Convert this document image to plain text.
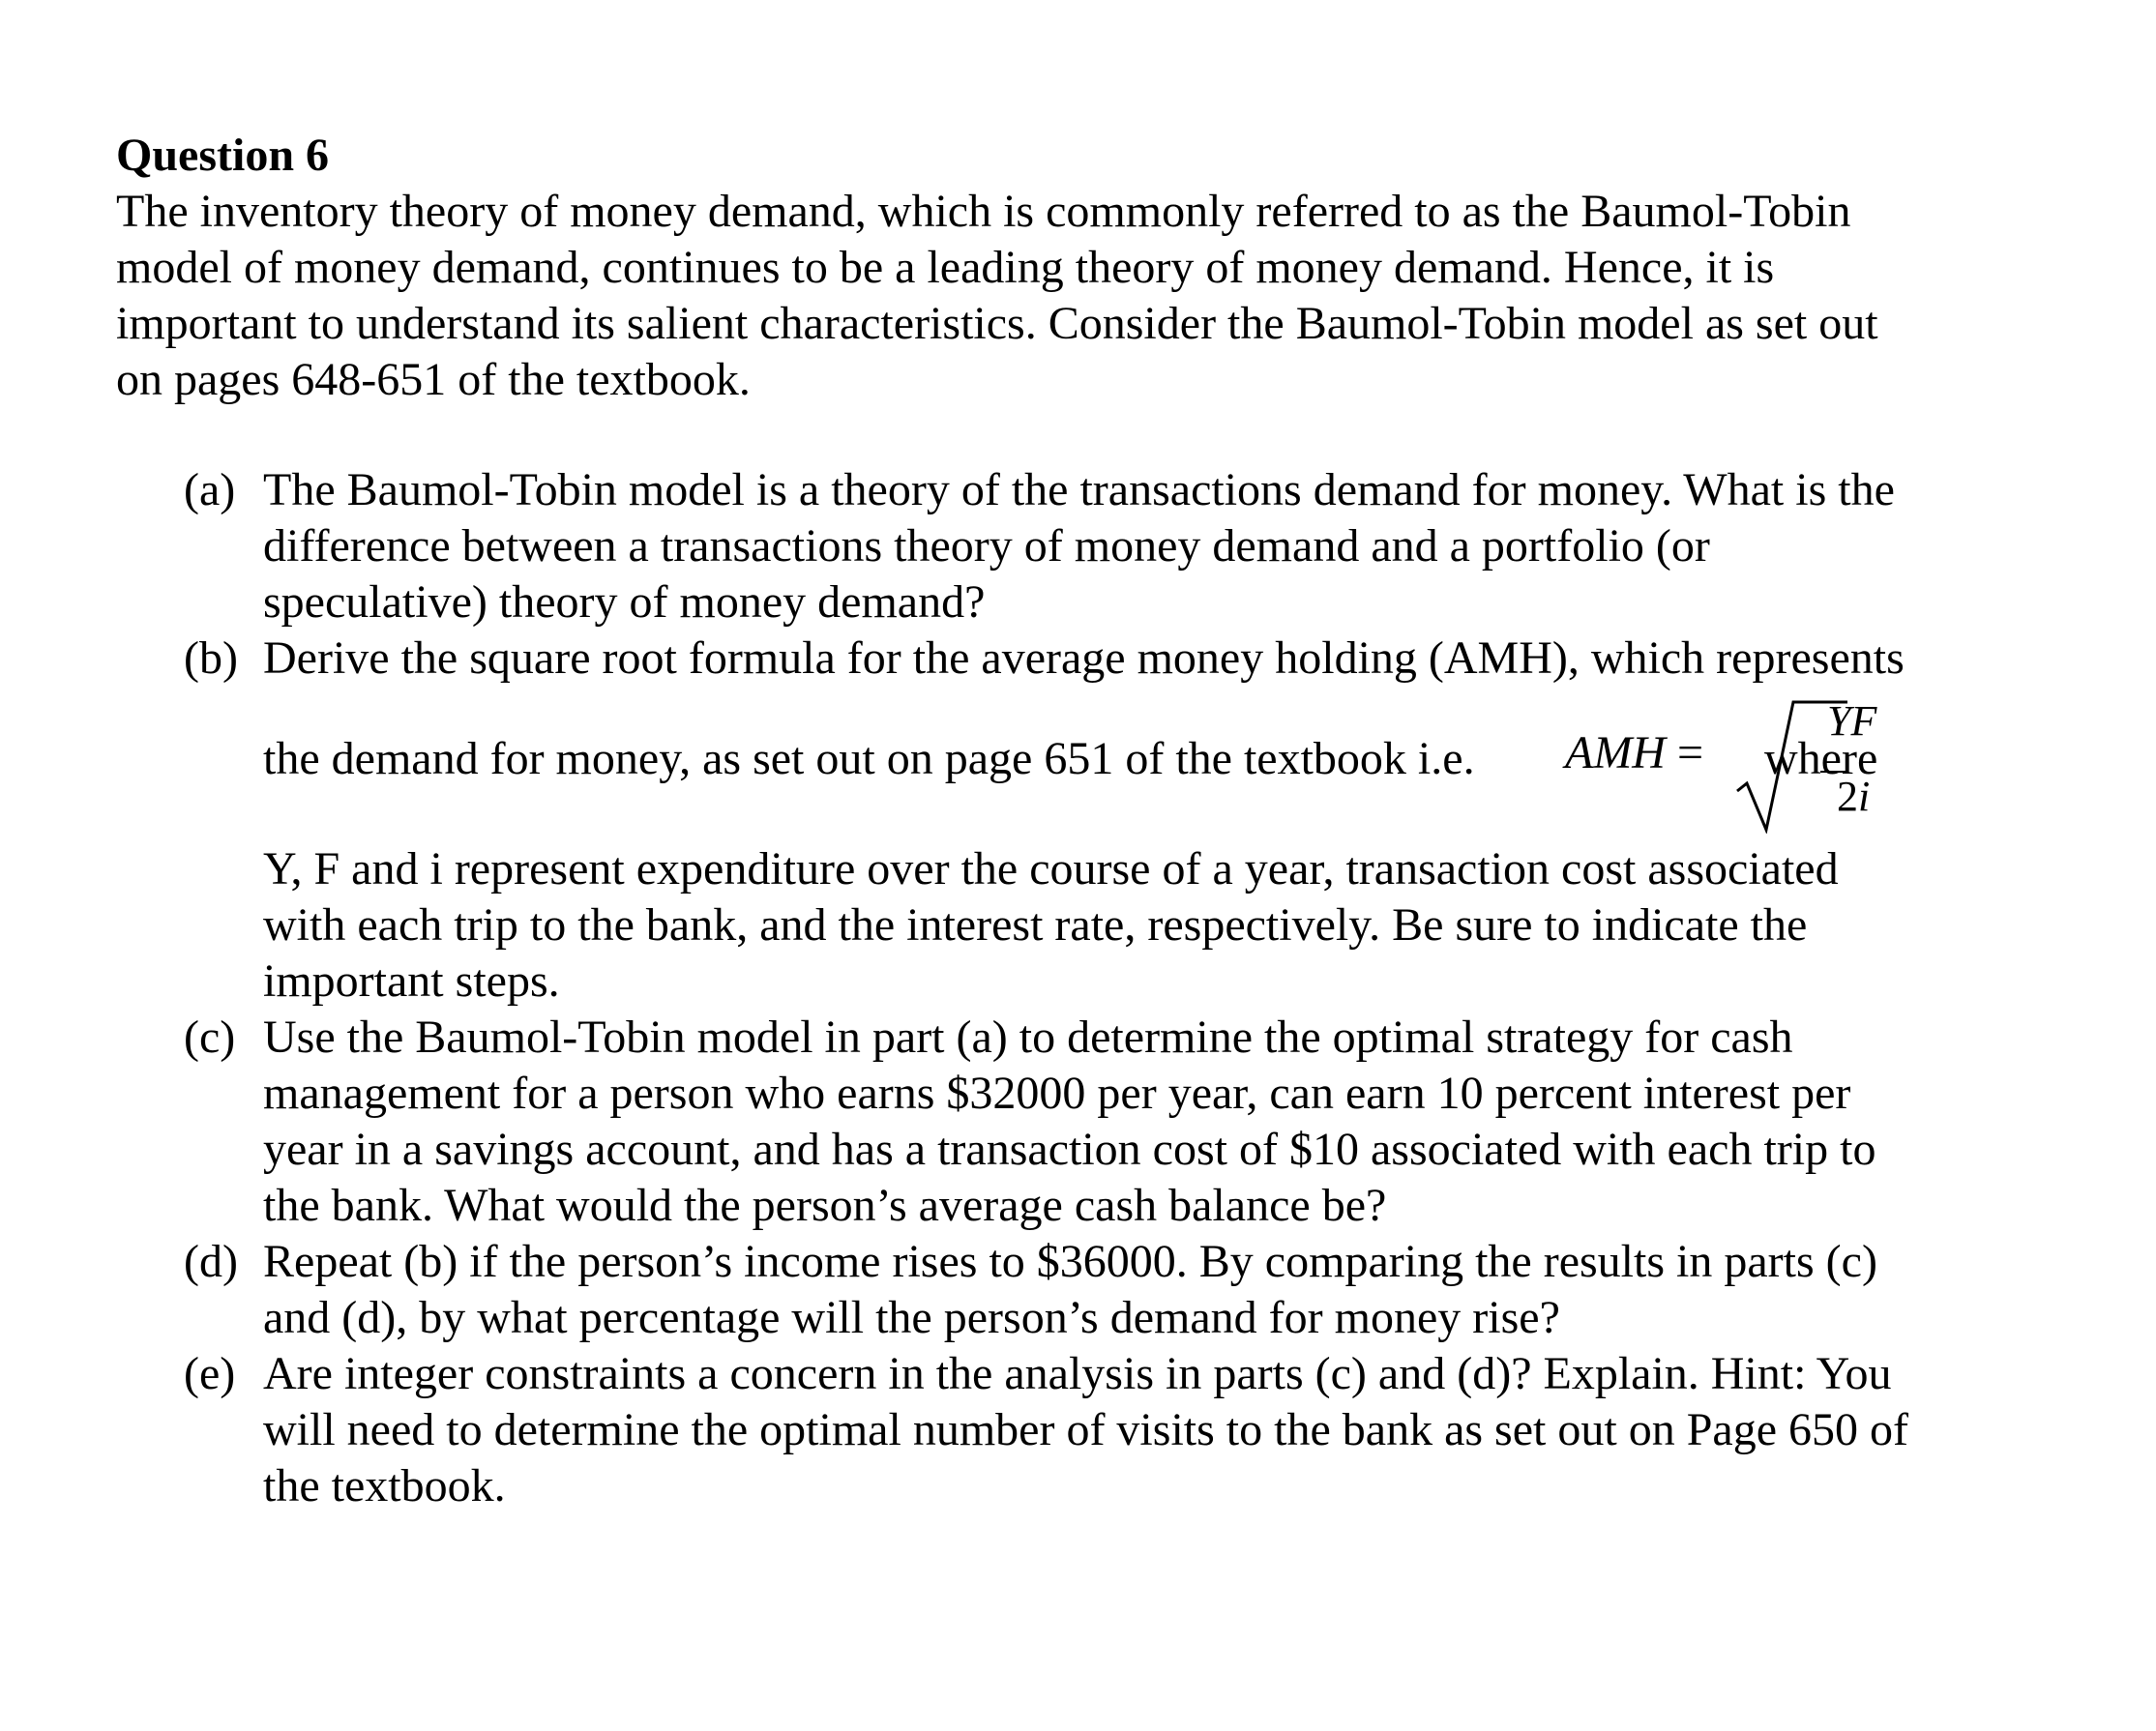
Question 6

The inventory theory of money demand, which is commonly referred to as the Baumol-Tobin
model of money demand, continues to be a leading theory of money demand. Hence, it is
important to understand its salient characteristics. Consider the Baumol-Tobin model as set out
on pages 648-651 of the textbook.
(a) The Baumol-Tobin model is a theory of the transactions demand for money. What is the
difference between a transactions theory of money demand and a portfolio (or
speculative) theory of money demand?
(b) Derive the square root formula for the average money holding (AMH), which represents
the demand for money, as set out on page 651 of the textbook i.e. AMH =
YF
2i
where
Y, F and i represent expenditure over the course of a year, transaction cost associated
with each trip to the bank, and the interest rate, respectively. Be sure to indicate the
important steps.
(c) Use the Baumol-Tobin model in part (a) to determine the optimal strategy for cash
management for a person who earns $32000 per year, can earn 10 percent interest per
year in a savings account, and has a transaction cost of $10 associated with each trip to
the bank. What would the person’s average cash balance be?
(d) Repeat (b) if the person’s income rises to $36000. By comparing the results in parts (c)
and (d), by what percentage will the person’s demand for money rise?
(e) Are integer constraints a concern in the analysis in parts (c) and (d)? Explain. Hint: You
will need to determine the optimal number of visits to the bank as set out on Page 650 of
the textbook.
